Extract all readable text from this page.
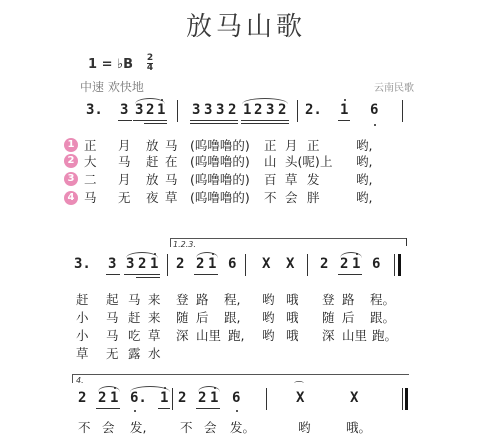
放马山歌
1 = ♭B 2
4
中速 欢快地	云南民歌
3. 3 3 2 1 3 3 3 2 1 2 3 2 2. 1 6
1 正 月 放 马 (呜噜噜的) 正 月 正	哟,
2 大 马 赶 在 (呜噜噜的) 山 头(呢) 上 哟,
3 二 月 放 马 (呜噜噜的) 百 草 发	哟,
4 马 无 夜 草 (呜噜噜的) 不 会 胖	哟,
1.2.3.
3. 3 3 2 1 2 2 1 6 X X 2 2 1 6
赶 起 马 来 登 路 程, 哟 哦 登 路 程。
小 马 赶 来 随 后 跟, 哟 哦 随 后 跟。
小 马 吃 草 深 山里 跑, 哟 哦 深 山里 跑。
草 无 露 水
4.
2 2 1 6. 1 2 2 1 6	X	X
⌒
不 会 发,	不 会 发。	哟	哦。
